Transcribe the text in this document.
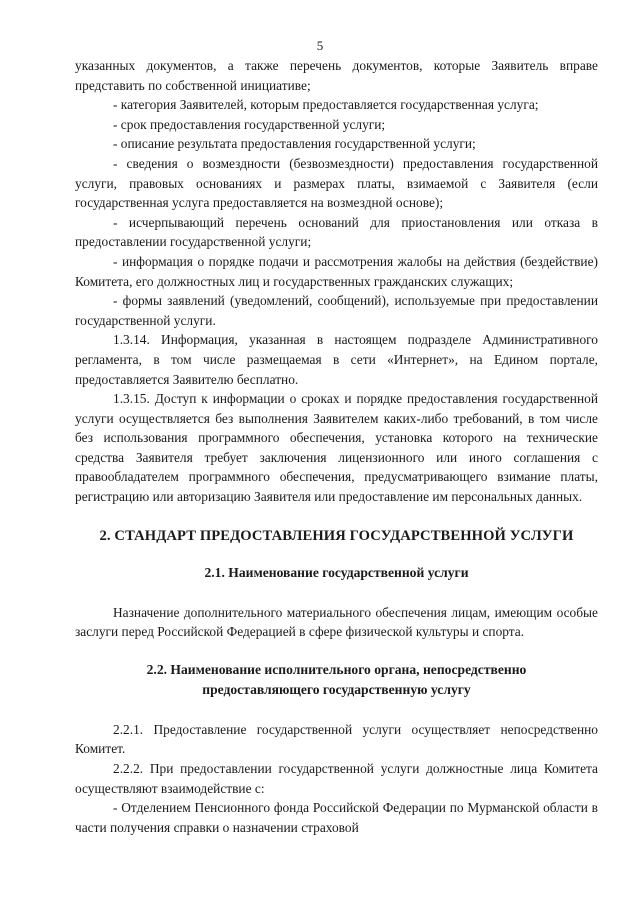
5

указанных документов, а также перечень документов, которые Заявитель вправе представить по собственной инициативе;

- категория Заявителей, которым предоставляется государственная услуга;

- срок предоставления государственной услуги;

- описание результата предоставления государственной услуги;

- сведения о возмездности (безвозмездности) предоставления государственной услуги, правовых основаниях и размерах платы, взимаемой с Заявителя (если государственная услуга предоставляется на возмездной основе);

- исчерпывающий перечень оснований для приостановления или отказа в предоставлении государственной услуги;

- информация о порядке подачи и рассмотрения жалобы на действия (бездействие) Комитета, его должностных лиц и государственных гражданских служащих;

- формы заявлений (уведомлений, сообщений), используемые при предоставлении государственной услуги.

1.3.14. Информация, указанная в настоящем подразделе Административного регламента, в том числе размещаемая в сети «Интернет», на Едином портале, предоставляется Заявителю бесплатно.

1.3.15. Доступ к информации о сроках и порядке предоставления государственной услуги осуществляется без выполнения Заявителем каких-либо требований, в том числе без использования программного обеспечения, установка которого на технические средства Заявителя требует заключения лицензионного или иного соглашения с правообладателем программного обеспечения, предусматривающего взимание платы, регистрацию или авторизацию Заявителя или предоставление им персональных данных.

2. СТАНДАРТ ПРЕДОСТАВЛЕНИЯ ГОСУДАРСТВЕННОЙ УСЛУГИ
2.1. Наименование государственной услуги

Назначение дополнительного материального обеспечения лицам, имеющим особые заслуги перед Российской Федерацией в сфере физической культуры и спорта.

2.2. Наименование исполнительного органа, непосредственно
предоставляющего государственную услугу

2.2.1. Предоставление государственной услуги осуществляет непосредственно Комитет.

2.2.2. При предоставлении государственной услуги должностные лица Комитета осуществляют взаимодействие с:

- Отделением Пенсионного фонда Российской Федерации по Мурманской области в части получения справки о назначении страховой
